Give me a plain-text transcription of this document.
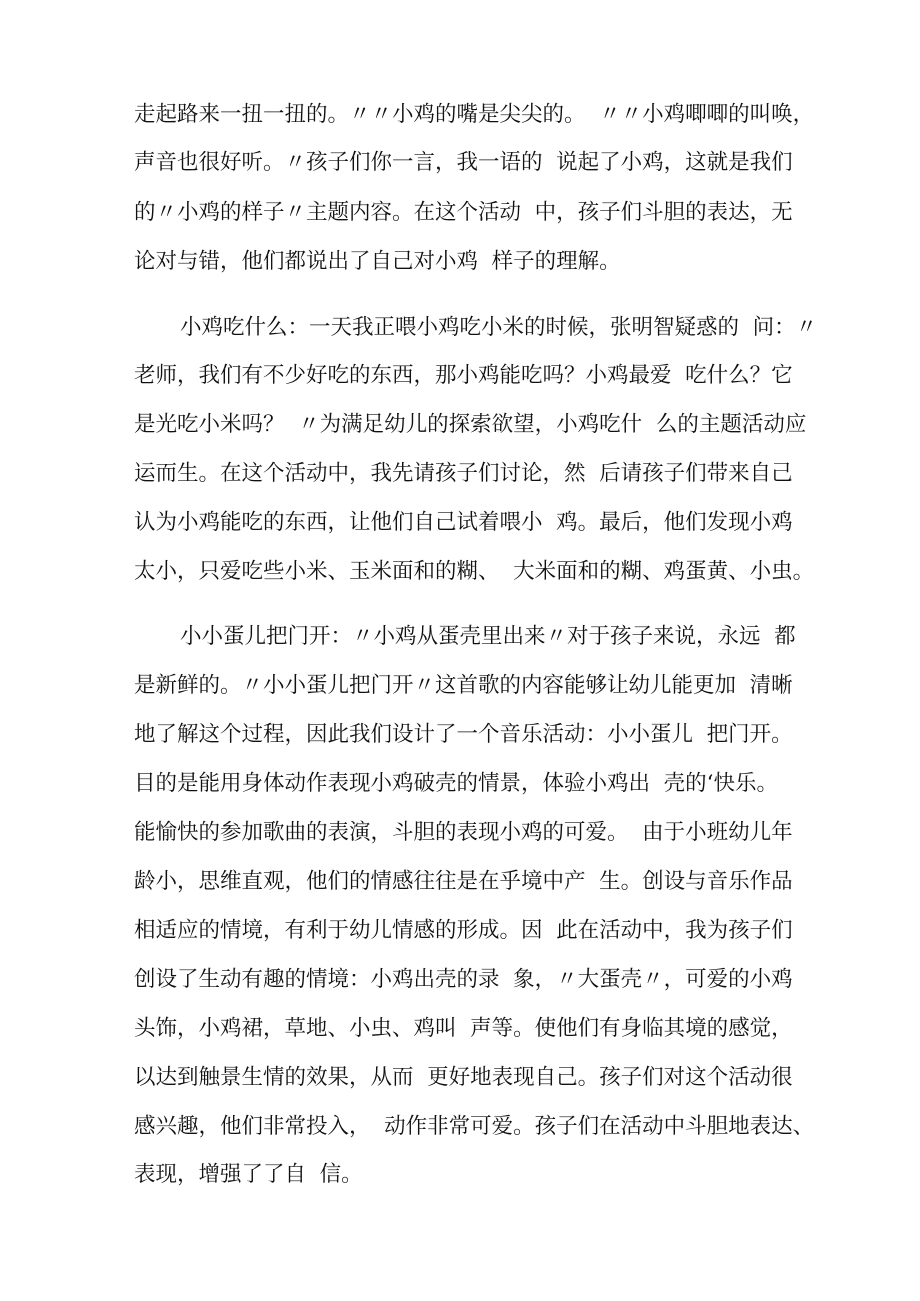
走起路来一扭一扭的。〃〃小鸡的嘴是尖尖的。  〃〃小鸡唧唧的叫唤，

声音也很好听。〃孩子们你一言，我一语的  说起了小鸡，这就是我们

的〃小鸡的样子〃主题内容。在这个活动  中，孩子们斗胆的表达，无

论对与错，他们都说出了自己对小鸡  样子的理解。

小鸡吃什么：一天我正喂小鸡吃小米的时候，张明智疑惑的  问：〃

老师，我们有不少好吃的东西，那小鸡能吃吗？小鸡最爱  吃什么？它

是光吃小米吗？  〃为满足幼儿的探索欲望，小鸡吃什  么的主题活动应

运而生。在这个活动中，我先请孩子们讨论，然  后请孩子们带来自己

认为小鸡能吃的东西，让他们自己试着喂小  鸡。最后，他们发现小鸡

太小，只爱吃些小米、玉米面和的糊、  大米面和的糊、鸡蛋黄、小虫。

小小蛋儿把门开：〃小鸡从蛋壳里出来〃对于孩子来说，永远  都

是新鲜的。〃小小蛋儿把门开〃这首歌的内容能够让幼儿能更加  清晰

地了解这个过程，因此我们设计了一个音乐活动：小小蛋儿  把门开。

目的是能用身体动作表现小鸡破壳的情景，体验小鸡出  壳的‘快乐。

能愉快的参加歌曲的表演，斗胆的表现小鸡的可爱。  由于小班幼儿年

龄小，思维直观，他们的情感往往是在乎境中产  生。创设与音乐作品

相适应的情境，有利于幼儿情感的形成。因  此在活动中，我为孩子们

创设了生动有趣的情境：小鸡出壳的录  象，〃大蛋壳〃，可爱的小鸡

头饰，小鸡裙，草地、小虫、鸡叫  声等。使他们有身临其境的感觉，

以达到触景生情的效果，从而  更好地表现自己。孩子们对这个活动很

感兴趣，他们非常投入，  动作非常可爱。孩子们在活动中斗胆地表达、

表现，增强了了自  信。
